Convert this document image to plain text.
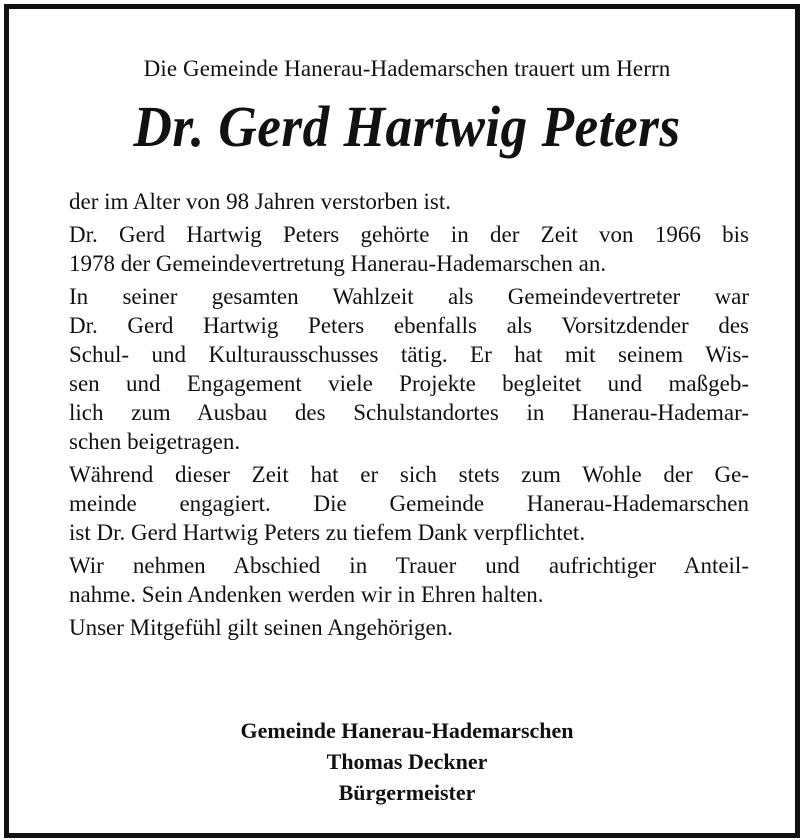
Die Gemeinde Hanerau-Hademarschen trauert um Herrn
Dr. Gerd Hartwig Peters

der im Alter von 98 Jahren verstorben ist.

Dr. Gerd Hartwig Peters gehörte in der Zeit von 1966 bis
1978 der Gemeindevertretung Hanerau-Hademarschen an.

In seiner gesamten Wahlzeit als Gemeindevertreter war
Dr. Gerd Hartwig Peters ebenfalls als Vorsitzdender des
Schul- und Kulturausschusses tätig. Er hat mit seinem Wis-
sen und Engagement viele Projekte begleitet und maßgeb-
lich zum Ausbau des Schulstandortes in Hanerau-Hademar-
schen beigetragen.

Während dieser Zeit hat er sich stets zum Wohle der Ge-
meinde engagiert. Die Gemeinde Hanerau-Hademarschen
ist Dr. Gerd Hartwig Peters zu tiefem Dank verpflichtet.

Wir nehmen Abschied in Trauer und aufrichtiger Anteil-
nahme. Sein Andenken werden wir in Ehren halten.

Unser Mitgefühl gilt seinen Angehörigen.

Gemeinde Hanerau-Hademarschen
Thomas Deckner
Bürgermeister
